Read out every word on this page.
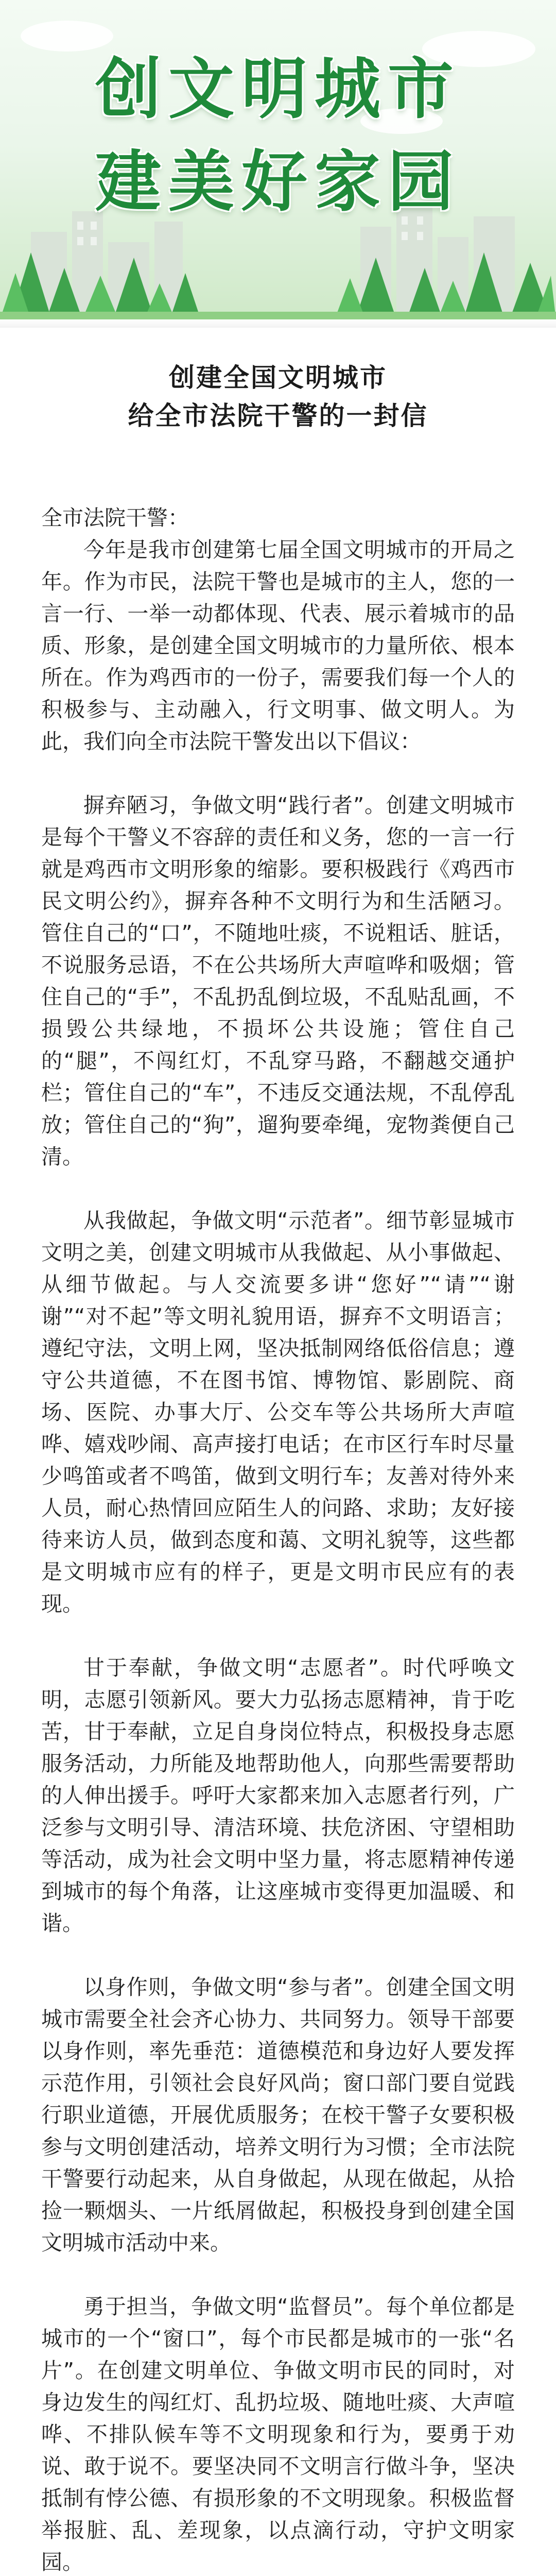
创文明城市
建美好家园
创建全国文明城市
给全市法院干警的一封信
全市法院干警：

今年是我市创建第七届全国文明城市的开局之年。作为市民，法院干警也是城市的主人，您的一言一行、一举一动都体现、代表、展示着城市的品质、形象，是创建全国文明城市的力量所依、根本所在。作为鸡西市的一份子，需要我们每一个人的积极参与、主动融入，行文明事、做文明人。为此，我们向全市法院干警发出以下倡议：

摒弃陋习，争做文明“践行者”。创建文明城市是每个干警义不容辞的责任和义务，您的一言一行就是鸡西市文明形象的缩影。要积极践行《鸡西市民文明公约》，摒弃各种不文明行为和生活陋习。管住自己的“口”，不随地吐痰，不说粗话、脏话，不说服务忌语，不在公共场所大声喧哗和吸烟；管住自己的“手”，不乱扔乱倒垃圾，不乱贴乱画，不损毁公共绿地，不损坏公共设施；管住自己的“腿”，不闯红灯，不乱穿马路，不翻越交通护栏；管住自己的“车”，不违反交通法规，不乱停乱放；管住自己的“狗”，遛狗要牵绳，宠物粪便自己清。

从我做起，争做文明“示范者”。细节彰显城市文明之美，创建文明城市从我做起、从小事做起、从细节做起。与人交流要多讲“您好”“请”“谢谢”“对不起”等文明礼貌用语，摒弃不文明语言；遵纪守法，文明上网，坚决抵制网络低俗信息；遵守公共道德，不在图书馆、博物馆、影剧院、商场、医院、办事大厅、公交车等公共场所大声喧哗、嬉戏吵闹、高声接打电话；在市区行车时尽量少鸣笛或者不鸣笛，做到文明行车；友善对待外来人员，耐心热情回应陌生人的问路、求助；友好接待来访人员，做到态度和蔼、文明礼貌等，这些都是文明城市应有的样子，更是文明市民应有的表现。

甘于奉献，争做文明“志愿者”。时代呼唤文明，志愿引领新风。要大力弘扬志愿精神，肯于吃苦，甘于奉献，立足自身岗位特点，积极投身志愿服务活动，力所能及地帮助他人，向那些需要帮助的人伸出援手。呼吁大家都来加入志愿者行列，广泛参与文明引导、清洁环境、扶危济困、守望相助等活动，成为社会文明中坚力量，将志愿精神传递到城市的每个角落，让这座城市变得更加温暖、和谐。

以身作则，争做文明“参与者”。创建全国文明城市需要全社会齐心协力、共同努力。领导干部要以身作则，率先垂范：道德模范和身边好人要发挥示范作用，引领社会良好风尚；窗口部门要自觉践行职业道德，开展优质服务；在校干警子女要积极参与文明创建活动，培养文明行为习惯；全市法院干警要行动起来，从自身做起，从现在做起，从拾捡一颗烟头、一片纸屑做起，积极投身到创建全国文明城市活动中来。

勇于担当，争做文明“监督员”。每个单位都是城市的一个“窗口”，每个市民都是城市的一张“名片”。在创建文明单位、争做文明市民的同时，对身边发生的闯红灯、乱扔垃圾、随地吐痰、大声喧哗、不排队候车等不文明现象和行为，要勇于劝说、敢于说不。要坚决同不文明言行做斗争，坚决抵制有悖公德、有损形象的不文明现象。积极监督举报脏、乱、差现象，以点滴行动，守护文明家园。
